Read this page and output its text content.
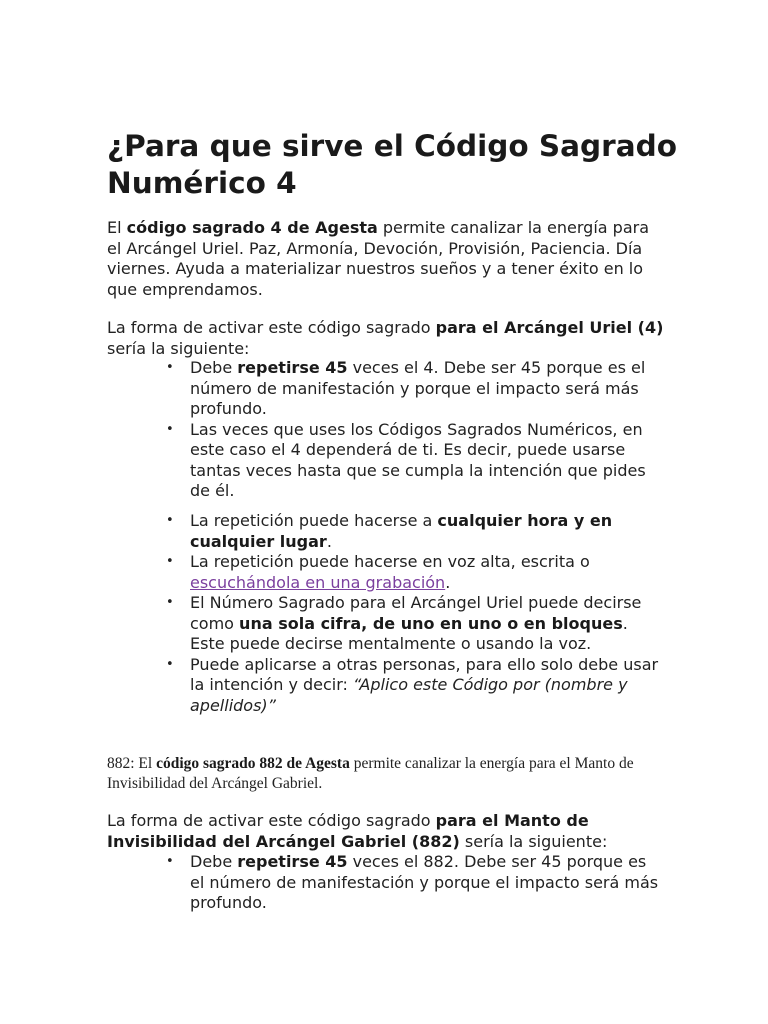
¿Para que sirve el Código Sagrado Numérico 4

El código sagrado 4 de Agesta permite canalizar la energía para el Arcángel Uriel. Paz, Armonía, Devoción, Provisión, Paciencia. Día viernes. Ayuda a materializar nuestros sueños y a tener éxito en lo que emprendamos.

La forma de activar este código sagrado para el Arcángel Uriel (4) sería la siguiente:

• Debe repetirse 45 veces el 4. Debe ser 45 porque es el número de manifestación y porque el impacto será más profundo.
• Las veces que uses los Códigos Sagrados Numéricos, en este caso el 4 dependerá de ti. Es decir, puede usarse tantas veces hasta que se cumpla la intención que pides de él.
• La repetición puede hacerse a cualquier hora y en cualquier lugar.
• La repetición puede hacerse en voz alta, escrita o escuchándola en una grabación.
• El Número Sagrado para el Arcángel Uriel puede decirse como una sola cifra, de uno en uno o en bloques. Este puede decirse mentalmente o usando la voz.
• Puede aplicarse a otras personas, para ello solo debe usar la intención y decir: “Aplico este Código por (nombre y apellidos)”

882: El código sagrado 882 de Agesta permite canalizar la energía para el Manto de Invisibilidad del Arcángel Gabriel.

La forma de activar este código sagrado para el Manto de Invisibilidad del Arcángel Gabriel (882) sería la siguiente:

• Debe repetirse 45 veces el 882. Debe ser 45 porque es el número de manifestación y porque el impacto será más profundo.
